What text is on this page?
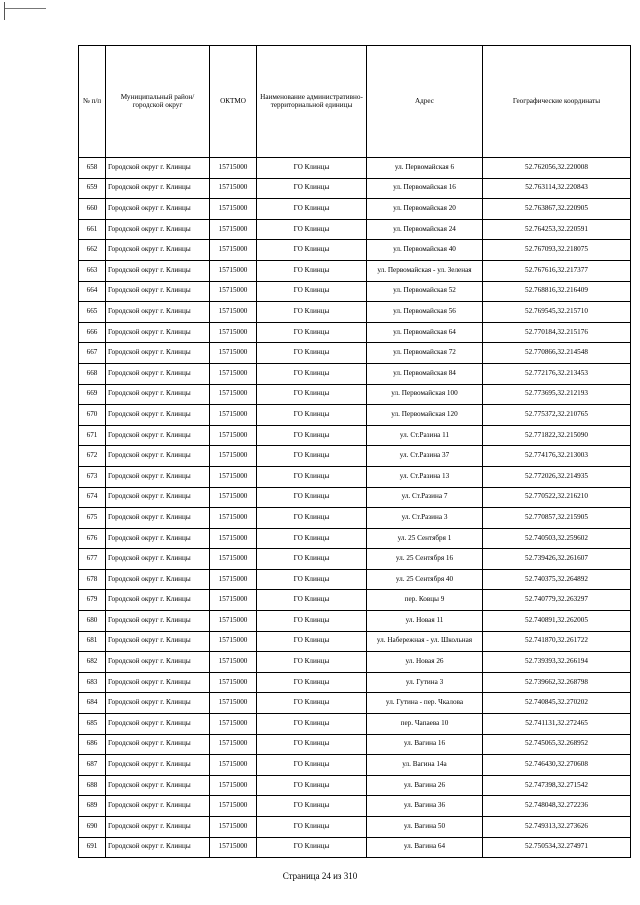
№ п/п	Муниципальный район/городской округ	ОКТМО	Наименование административно-территориальной единицы	Адрес	Географические координаты
658	Городской округ г. Клинцы	15715000	ГО Клинцы	ул. Первомайская 6	52.762056,32.220008
659	Городской округ г. Клинцы	15715000	ГО Клинцы	ул. Первомайская 16	52.763114,32.220843
660	Городской округ г. Клинцы	15715000	ГО Клинцы	ул. Первомайская 20	52.763867,32.220905
661	Городской округ г. Клинцы	15715000	ГО Клинцы	ул. Первомайская 24	52.764253,32.220591
662	Городской округ г. Клинцы	15715000	ГО Клинцы	ул. Первомайская 40	52.767093,32.218075
663	Городской округ г. Клинцы	15715000	ГО Клинцы	ул. Первомайская - ул. Зеленая	52.767616,32.217377
664	Городской округ г. Клинцы	15715000	ГО Клинцы	ул. Первомайская 52	52.768816,32.216409
665	Городской округ г. Клинцы	15715000	ГО Клинцы	ул. Первомайская 56	52.769545,32.215710
666	Городской округ г. Клинцы	15715000	ГО Клинцы	ул. Первомайская 64	52.770184,32.215176
667	Городской округ г. Клинцы	15715000	ГО Клинцы	ул. Первомайская 72	52.770866,32.214548
668	Городской округ г. Клинцы	15715000	ГО Клинцы	ул. Первомайская 84	52.772176,32.213453
669	Городской округ г. Клинцы	15715000	ГО Клинцы	ул. Первомайская 100	52.773695,32.212193
670	Городской округ г. Клинцы	15715000	ГО Клинцы	ул. Первомайская 120	52.775372,32.210765
671	Городской округ г. Клинцы	15715000	ГО Клинцы	ул. Ст.Разина 11	52.771822,32.215090
672	Городской округ г. Клинцы	15715000	ГО Клинцы	ул. Ст.Разина 37	52.774176,32.213003
673	Городской округ г. Клинцы	15715000	ГО Клинцы	ул. Ст.Разина 13	52.772026,32.214935
674	Городской округ г. Клинцы	15715000	ГО Клинцы	ул. Ст.Разина 7	52.770522,32.216210
675	Городской округ г. Клинцы	15715000	ГО Клинцы	ул. Ст.Разина 3	52.770857,32.215905
676	Городской округ г. Клинцы	15715000	ГО Клинцы	ул. 25 Сентября 1	52.740503,32.259602
677	Городской округ г. Клинцы	15715000	ГО Клинцы	ул. 25 Сентября 16	52.739426,32.261607
678	Городской округ г. Клинцы	15715000	ГО Клинцы	ул. 25 Сентября 40	52.740375,32.264892
679	Городской округ г. Клинцы	15715000	ГО Клинцы	пер. Ковцы 9	52.740779,32.263297
680	Городской округ г. Клинцы	15715000	ГО Клинцы	ул. Новая 11	52.740891,32.262005
681	Городской округ г. Клинцы	15715000	ГО Клинцы	ул. Набережная - ул. Школьная	52.741870,32.261722
682	Городской округ г. Клинцы	15715000	ГО Клинцы	ул. Новая 26	52.739393,32.266194
683	Городской округ г. Клинцы	15715000	ГО Клинцы	ул. Гутина 3	52.739662,32.268798
684	Городской округ г. Клинцы	15715000	ГО Клинцы	ул. Гутина - пер. Чкалова	52.740845,32.270202
685	Городской округ г. Клинцы	15715000	ГО Клинцы	пер. Чапаева 10	52.741131,32.272465
686	Городской округ г. Клинцы	15715000	ГО Клинцы	ул. Вагина 16	52.745065,32.268952
687	Городской округ г. Клинцы	15715000	ГО Клинцы	ул. Вагина 14а	52.746430,32.270608
688	Городской округ г. Клинцы	15715000	ГО Клинцы	ул. Вагина 26	52.747398,32.271542
689	Городской округ г. Клинцы	15715000	ГО Клинцы	ул. Вагина 36	52.748048,32.272236
690	Городской округ г. Клинцы	15715000	ГО Клинцы	ул. Вагина 50	52.749313,32.273626
691	Городской округ г. Клинцы	15715000	ГО Клинцы	ул. Вагина 64	52.750534,32.274971
Страница 24 из 310
